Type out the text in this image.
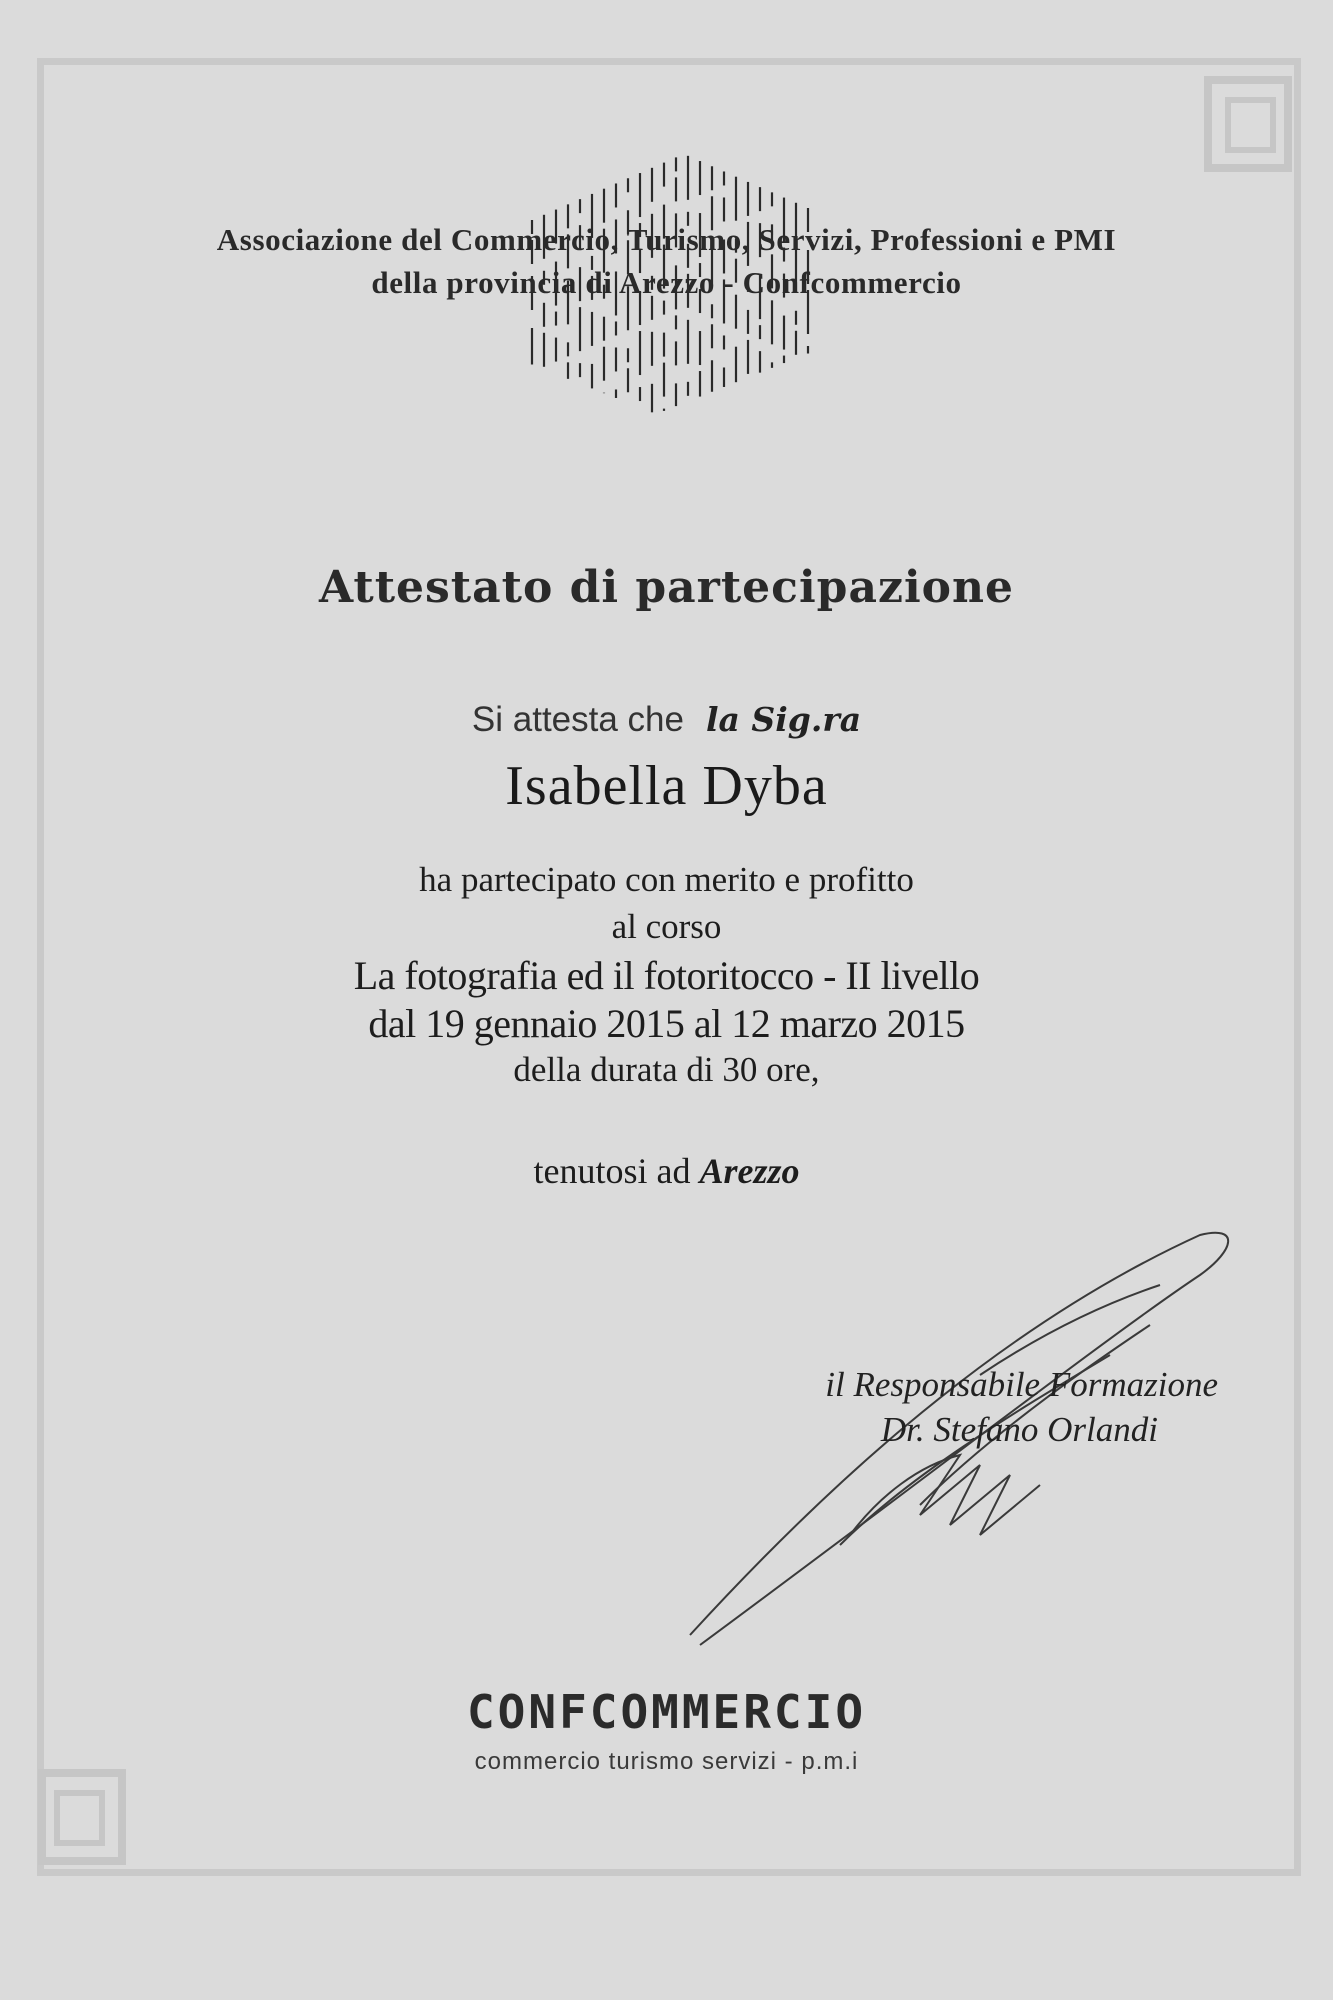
Associazione del Commercio, Turismo, Servizi, Professioni e PMI
della provincia di Arezzo - Confcommercio
Attestato di partecipazione
Si attesta che la Sig.ra
Isabella Dyba
ha partecipato con merito e profitto
al corso
La fotografia ed il fotoritocco - II livello
dal 19 gennaio 2015 al 12 marzo 2015
della durata di 30 ore,
tenutosi ad Arezzo
il Responsabile Formazione
Dr. Stefano Orlandi
CONFCOMMERCIO
commercio turismo servizi - p.m.i
